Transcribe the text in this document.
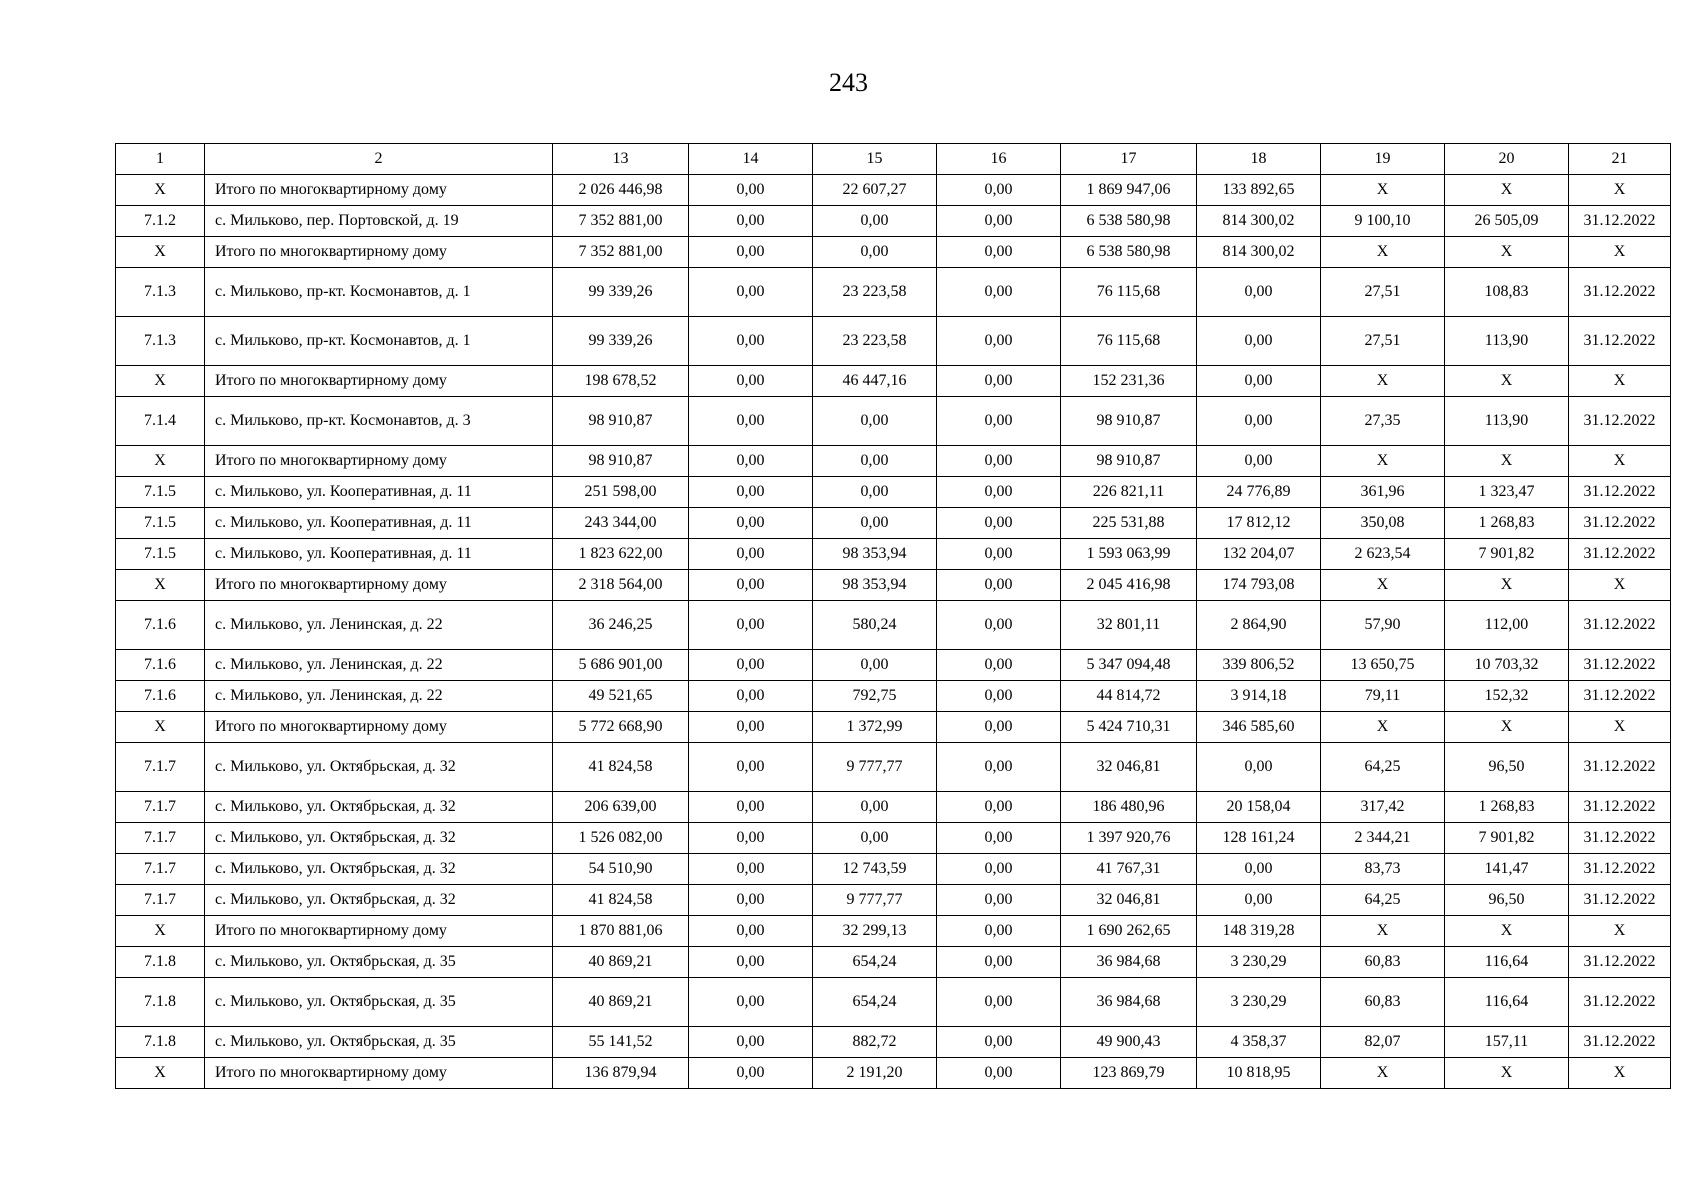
243
1	2	13	14	15	16	17	18	19	20	21
Х	Итого по многоквартирному дому	2 026 446,98	0,00	22 607,27	0,00	1 869 947,06	133 892,65	Х	Х	Х
7.1.2	с. Мильково, пер. Портовской, д. 19	7 352 881,00	0,00	0,00	0,00	6 538 580,98	814 300,02	9 100,10	26 505,09	31.12.2022
Х	Итого по многоквартирному дому	7 352 881,00	0,00	0,00	0,00	6 538 580,98	814 300,02	Х	Х	Х
7.1.3	с. Мильково, пр-кт. Космонавтов, д. 1	99 339,26	0,00	23 223,58	0,00	76 115,68	0,00	27,51	108,83	31.12.2022
7.1.3	с. Мильково, пр-кт. Космонавтов, д. 1	99 339,26	0,00	23 223,58	0,00	76 115,68	0,00	27,51	113,90	31.12.2022
Х	Итого по многоквартирному дому	198 678,52	0,00	46 447,16	0,00	152 231,36	0,00	Х	Х	Х
7.1.4	с. Мильково, пр-кт. Космонавтов, д. 3	98 910,87	0,00	0,00	0,00	98 910,87	0,00	27,35	113,90	31.12.2022
Х	Итого по многоквартирному дому	98 910,87	0,00	0,00	0,00	98 910,87	0,00	Х	Х	Х
7.1.5	с. Мильково, ул. Кооперативная, д. 11	251 598,00	0,00	0,00	0,00	226 821,11	24 776,89	361,96	1 323,47	31.12.2022
7.1.5	с. Мильково, ул. Кооперативная, д. 11	243 344,00	0,00	0,00	0,00	225 531,88	17 812,12	350,08	1 268,83	31.12.2022
7.1.5	с. Мильково, ул. Кооперативная, д. 11	1 823 622,00	0,00	98 353,94	0,00	1 593 063,99	132 204,07	2 623,54	7 901,82	31.12.2022
Х	Итого по многоквартирному дому	2 318 564,00	0,00	98 353,94	0,00	2 045 416,98	174 793,08	Х	Х	Х
7.1.6	с. Мильково, ул. Ленинская, д. 22	36 246,25	0,00	580,24	0,00	32 801,11	2 864,90	57,90	112,00	31.12.2022
7.1.6	с. Мильково, ул. Ленинская, д. 22	5 686 901,00	0,00	0,00	0,00	5 347 094,48	339 806,52	13 650,75	10 703,32	31.12.2022
7.1.6	с. Мильково, ул. Ленинская, д. 22	49 521,65	0,00	792,75	0,00	44 814,72	3 914,18	79,11	152,32	31.12.2022
Х	Итого по многоквартирному дому	5 772 668,90	0,00	1 372,99	0,00	5 424 710,31	346 585,60	Х	Х	Х
7.1.7	с. Мильково, ул. Октябрьская, д. 32	41 824,58	0,00	9 777,77	0,00	32 046,81	0,00	64,25	96,50	31.12.2022
7.1.7	с. Мильково, ул. Октябрьская, д. 32	206 639,00	0,00	0,00	0,00	186 480,96	20 158,04	317,42	1 268,83	31.12.2022
7.1.7	с. Мильково, ул. Октябрьская, д. 32	1 526 082,00	0,00	0,00	0,00	1 397 920,76	128 161,24	2 344,21	7 901,82	31.12.2022
7.1.7	с. Мильково, ул. Октябрьская, д. 32	54 510,90	0,00	12 743,59	0,00	41 767,31	0,00	83,73	141,47	31.12.2022
7.1.7	с. Мильково, ул. Октябрьская, д. 32	41 824,58	0,00	9 777,77	0,00	32 046,81	0,00	64,25	96,50	31.12.2022
Х	Итого по многоквартирному дому	1 870 881,06	0,00	32 299,13	0,00	1 690 262,65	148 319,28	Х	Х	Х
7.1.8	с. Мильково, ул. Октябрьская, д. 35	40 869,21	0,00	654,24	0,00	36 984,68	3 230,29	60,83	116,64	31.12.2022
7.1.8	с. Мильково, ул. Октябрьская, д. 35	40 869,21	0,00	654,24	0,00	36 984,68	3 230,29	60,83	116,64	31.12.2022
7.1.8	с. Мильково, ул. Октябрьская, д. 35	55 141,52	0,00	882,72	0,00	49 900,43	4 358,37	82,07	157,11	31.12.2022
Х	Итого по многоквартирному дому	136 879,94	0,00	2 191,20	0,00	123 869,79	10 818,95	Х	Х	Х
